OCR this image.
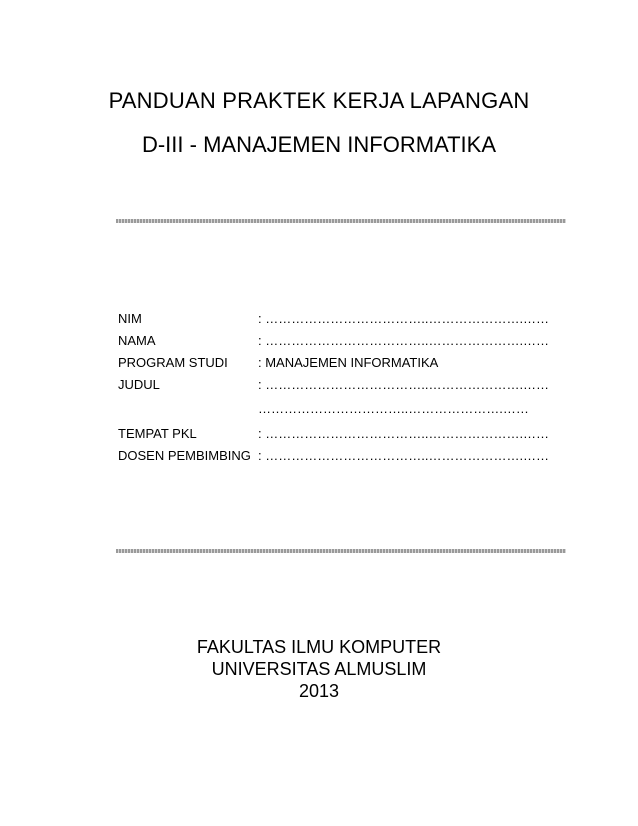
PANDUAN PRAKTEK KERJA LAPANGAN
D-III - MANAJEMEN INFORMATIKA
NIM	: ………………………………..………………….……
NAMA	: ………………………………..………………….……
PROGRAM STUDI : MANAJEMEN INFORMATIKA
JUDUL	: ………………………………..………………….……
……………………………..………………….……
TEMPAT PKL	: ………………………………..………………….……
DOSEN PEMBIMBING : ………………………………..………………….……
FAKULTAS ILMU KOMPUTER
UNIVERSITAS ALMUSLIM
2013
